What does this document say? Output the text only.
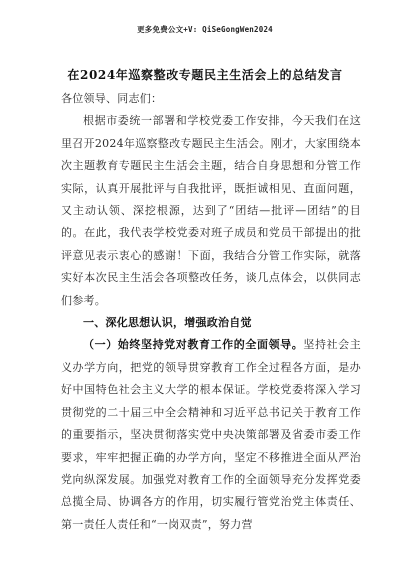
更多免费公文+V: QiSeGongWen2024
在2024年巡察整改专题民主生活会上的总结发言

各位领导、同志们：

根据市委统一部署和学校党委工作安排，今天我们在这里召开2024年巡察整改专题民主生活会。刚才，大家围绕本次主题教育专题民主生活会主题，结合自身思想和分管工作实际，认真开展批评与自我批评，既拒诚相见、直面问题，又主动认领、深挖根源，达到了“团结—批评—团结”的目的。在此，我代表学校党委对班子成员和党员干部提出的批评意见表示衷心的感谢！下面，我结合分管工作实际，就落实好本次民主生活会各项整改任务，谈几点体会，以供同志们参考。

一、深化思想认识，增强政治自觉

（一）始终坚持党对教育工作的全面领导。坚持社会主义办学方向，把党的领导贯穿教育工作全过程各方面，是办好中国特色社会主义大学的根本保证。学校党委将深入学习贯彻党的二十届三中全会精神和习近平总书记关于教育工作的重要指示，坚决贯彻落实党中央决策部署及省委市委工作要求，牢牢把握正确的办学方向，坚定不移推进全面从严治党向纵深发展。加强党对教育工作的全面领导充分发挥党委总揽全局、协调各方的作用，切实履行管党治党主体责任、第一责任人责任和“一岗双责”，努力营
